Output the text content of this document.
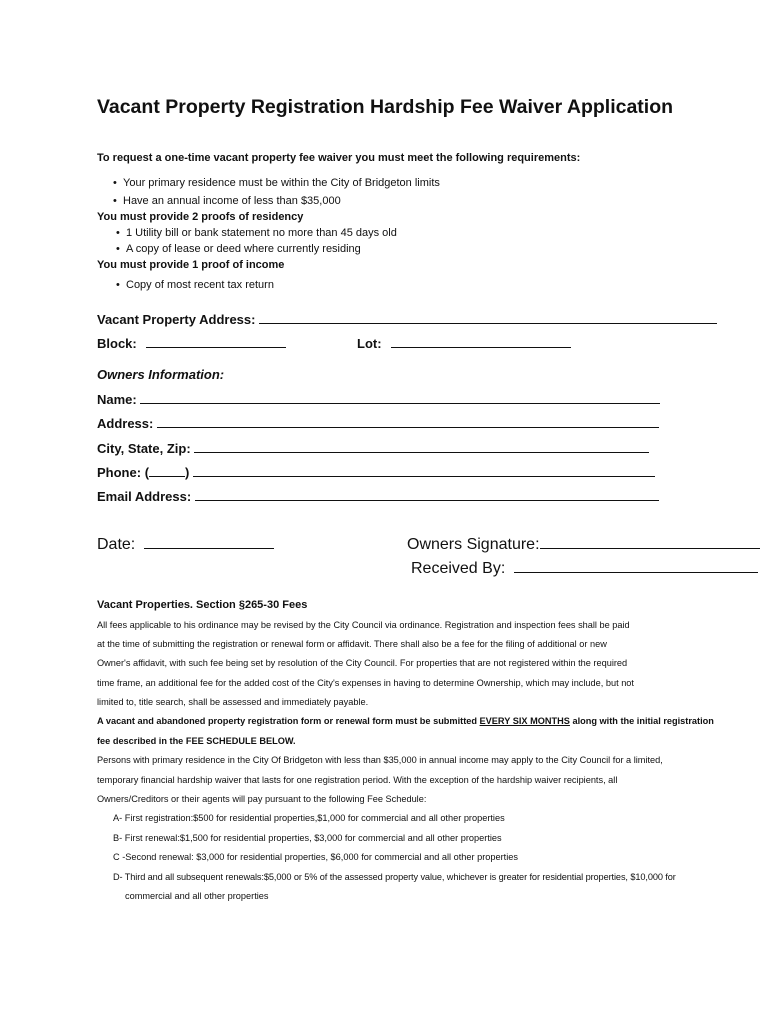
Vacant Property Registration Hardship Fee Waiver Application
To request a one-time vacant property fee waiver you must meet the following requirements:
• Your primary residence must be within the City of Bridgeton limits
• Have an annual income of less than $35,000
You must provide 2 proofs of residency
• 1 Utility bill or bank statement no more than 45 days old
• A copy of lease or deed where currently residing
You must provide 1 proof of income
• Copy of most recent tax return
Vacant Property Address:
Block:	Lot:
Owners Information:
Name:
Address:
City, State, Zip:
Phone: (	)
Email Address:
Date:	Owners Signature:
Received By:
Vacant Properties. Section §265-30 Fees
All fees applicable to his ordinance may be revised by the City Council via ordinance. Registration and inspection fees shall be paid
at the time of submitting the registration or renewal form or affidavit. There shall also be a fee for the filing of additional or new
Owner's affidavit, with such fee being set by resolution of the City Council. For properties that are not registered within the required
time frame, an additional fee for the added cost of the City's expenses in having to determine Ownership, which may include, but not
limited to, title search, shall be assessed and immediately payable.
A vacant and abandoned property registration form or renewal form must be submitted EVERY SIX MONTHS along with the initial registration
fee described in the FEE SCHEDULE BELOW.
Persons with primary residence in the City Of Bridgeton with less than $35,000 in annual income may apply to the City Council for a limited,
temporary financial hardship waiver that lasts for one registration period. With the exception of the hardship waiver recipients, all
Owners/Creditors or their agents will pay pursuant to the following Fee Schedule:
A- First registration:$500 for residential properties,$1,000 for commercial and all other properties
B- First renewal:$1,500 for residential properties, $3,000 for commercial and all other properties
C -Second renewal: $3,000 for residential properties, $6,000 for commercial and all other properties
D- Third and all subsequent renewals:$5,000 or 5% of the assessed property value, whichever is greater for residential properties, $10,000 for
commercial and all other properties
